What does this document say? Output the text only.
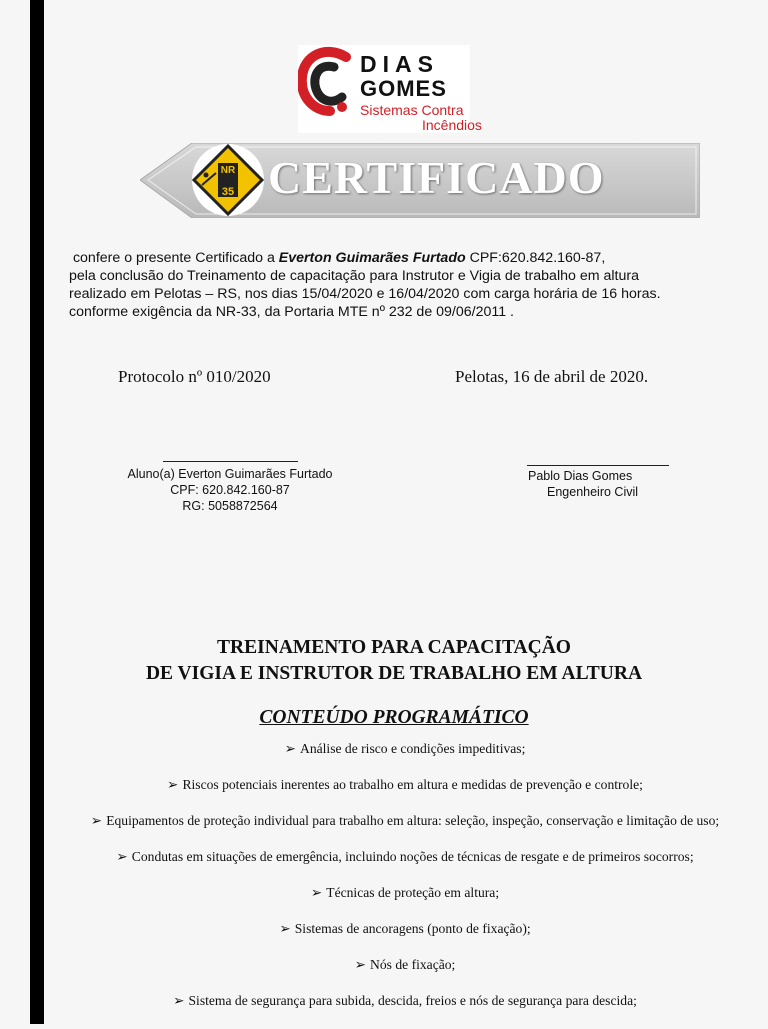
DIAS
GOMES
Sistemas Contra
Incêndios
NR
35 CERTIFICADO
confere o presente Certificado a Everton Guimarães Furtado CPF:620.842.160-87,
pela conclusão do Treinamento de capacitação para Instrutor e Vigia de trabalho em altura
realizado em Pelotas – RS, nos dias 15/04/2020 e 16/04/2020 com carga horária de 16 horas.
conforme exigência da NR-33, da Portaria MTE nº 232 de 09/06/2011 .
Protocolo nº 010/2020	Pelotas, 16 de abril de 2020.
Aluno(a) Everton Guimarães Furtado
CPF: 620.842.160-87
RG: 5058872564
Pablo Dias Gomes
Engenheiro Civil
TREINAMENTO PARA CAPACITAÇÃO
DE VIGIA E INSTRUTOR DE TRABALHO EM ALTURA
CONTEÚDO PROGRAMÁTICO
➢ Análise de risco e condições impeditivas;
➢ Riscos potenciais inerentes ao trabalho em altura e medidas de prevenção e controle;
➢ Equipamentos de proteção individual para trabalho em altura: seleção, inspeção, conservação e limitação de uso;
➢ Condutas em situações de emergência, incluindo noções de técnicas de resgate e de primeiros socorros;
➢ Técnicas de proteção em altura;
➢ Sistemas de ancoragens (ponto de fixação);
➢ Nós de fixação;
➢ Sistema de segurança para subida, descida, freios e nós de segurança para descida;
